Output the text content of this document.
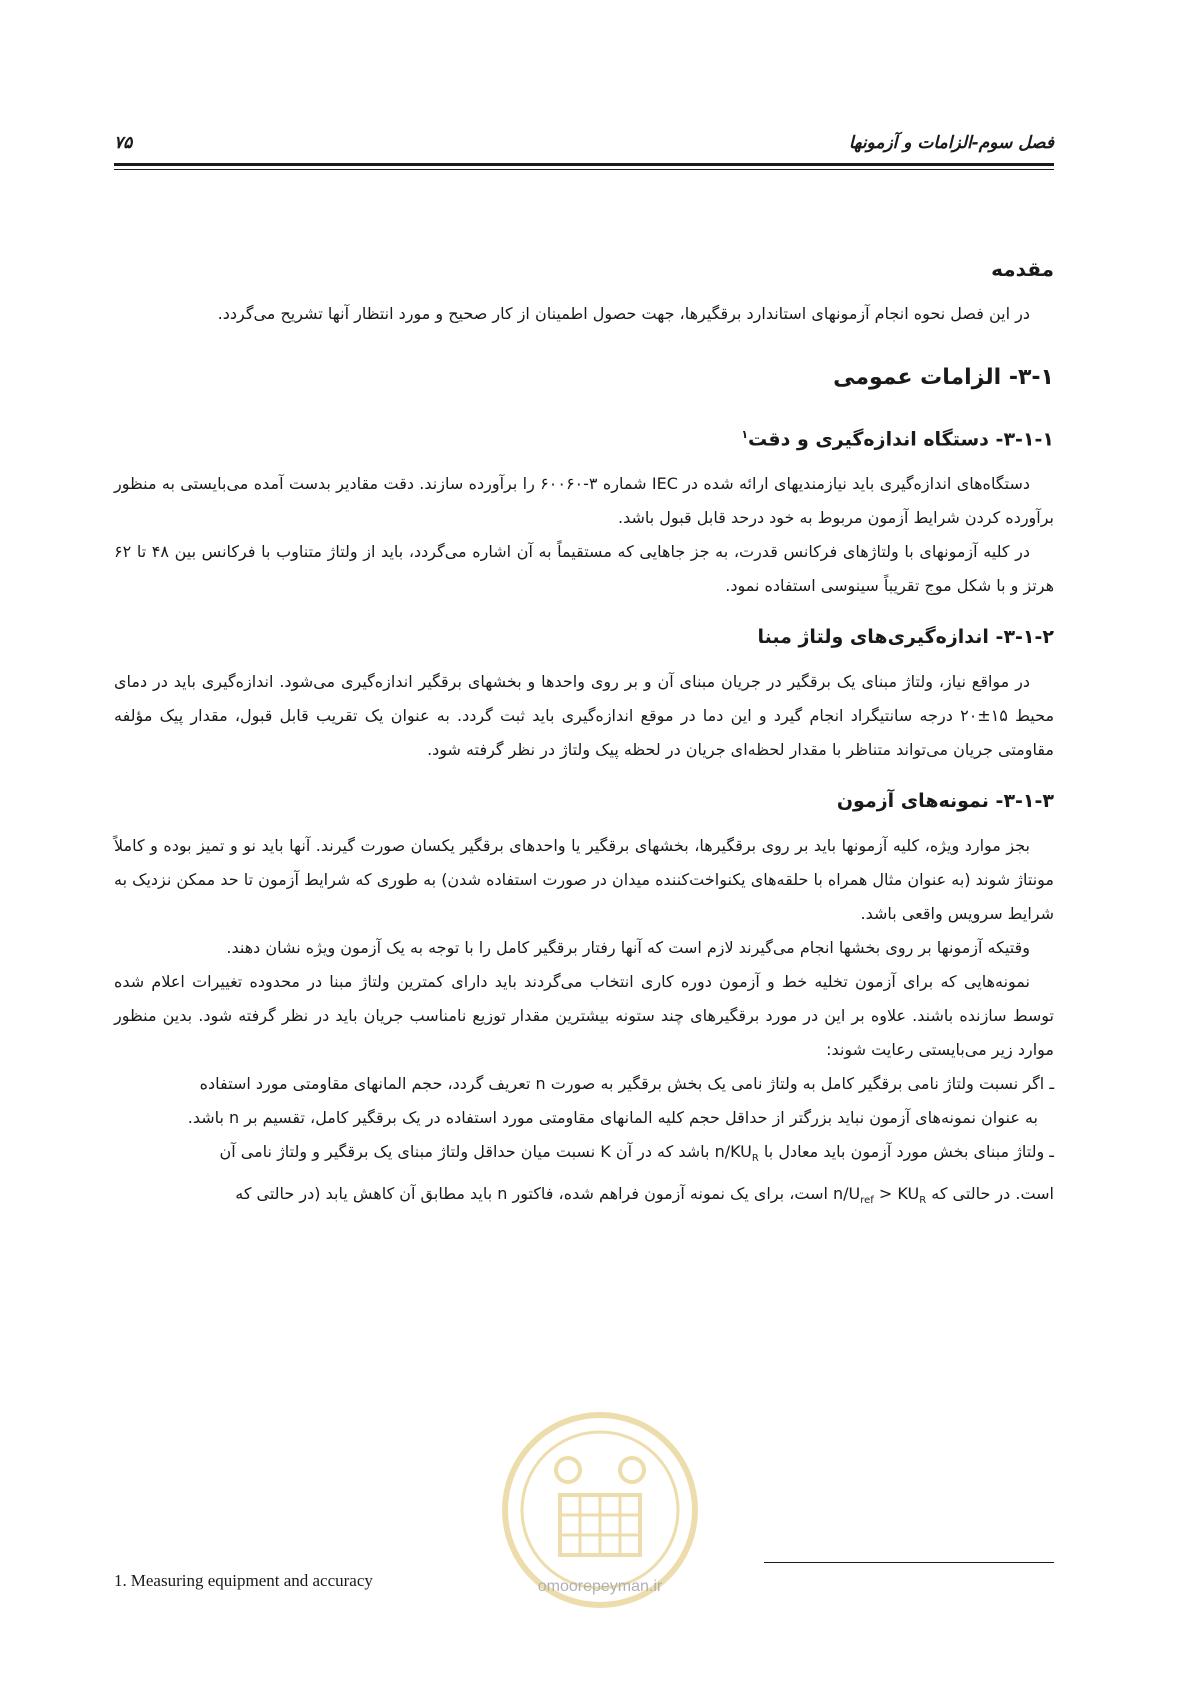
فصل سوم-الزامات و آزمونها
۷۵
مقدمه

در این فصل نحوه انجام آزمونهای استاندارد برقگیرها، جهت حصول اطمینان از کار صحیح و مورد انتظار آنها تشریح می‌گردد.

۳-۱- الزامات عمومی
۳-۱-۱- دستگاه اندازه‌گیری و دقت$^۱$

دستگاه‌های اندازه‌گیری باید نیازمندیهای ارائه شده در IEC شماره ۳-۶۰۰۶۰ را برآورده سازند. دقت مقادیر بدست آمده می‌بایستی به منظور برآورده کردن شرایط آزمون مربوط به خود درحد قابل قبول باشد.

در کلیه آزمونهای با ولتاژهای فرکانس قدرت، به جز جاهایی که مستقیماً به آن اشاره می‌گردد، باید از ولتاژ متناوب با فرکانس بین ۴۸ تا ۶۲ هرتز و با شکل موج تقریباً سینوسی استفاده نمود.

۳-۱-۲- اندازه‌گیری‌های ولتاژ مبنا

در مواقع نیاز، ولتاژ مبنای یک برقگیر در جریان مبنای آن و بر روی واحدها و بخشهای برقگیر اندازه‌گیری می‌شود. اندازه‌گیری باید در دمای محیط ۱۵±۲۰ درجه سانتیگراد انجام گیرد و این دما در موقع اندازه‌گیری باید ثبت گردد. به عنوان یک تقریب قابل قبول، مقدار پیک مؤلفه مقاومتی جریان می‌تواند متناظر با مقدار لحظه‌ای جریان در لحظه پیک ولتاژ در نظر گرفته شود.

۳-۱-۳- نمونه‌های آزمون

بجز موارد ویژه، کلیه آزمونها باید بر روی برقگیرها، بخشهای برقگیر یا واحدهای برقگیر یکسان صورت گیرند. آنها باید نو و تمیز بوده و کاملاً مونتاژ شوند (به عنوان مثال همراه با حلقه‌های یکنواخت‌کننده میدان در صورت استفاده شدن) به طوری که شرایط آزمون تا حد ممکن نزدیک به شرایط سرویس واقعی باشد.

وقتیکه آزمونها بر روی بخشها انجام می‌گیرند لازم است که آنها رفتار برقگیر کامل را با توجه به یک آزمون ویژه نشان دهند.

نمونه‌هایی که برای آزمون تخلیه خط و آزمون دوره کاری انتخاب می‌گردند باید دارای کمترین ولتاژ مبنا در محدوده تغییرات اعلام شده توسط سازنده باشند. علاوه بر این در مورد برقگیرهای چند ستونه بیشترین مقدار توزیع نامناسب جریان باید در نظر گرفته شود. بدین منظور موارد زیر می‌بایستی رعایت شوند:

ـ اگر نسبت ولتاژ نامی برقگیر کامل به ولتاژ نامی یک بخش برقگیر به صورت n تعریف گردد، حجم المانهای مقاومتی مورد استفاده

به عنوان نمونه‌های آزمون نباید بزرگتر از حداقل حجم کلیه المانهای مقاومتی مورد استفاده در یک برقگیر کامل، تقسیم بر n باشد.

ـ ولتاژ مبنای بخش مورد آزمون باید معادل با $KU_R/n$ باشد که در آن K نسبت میان حداقل ولتاژ مبنای یک برقگیر و ولتاژ نامی آن

است. در حالتی که $U_{ref} > KU_R/n$ است، برای یک نمونه آزمون فراهم شده، فاکتور n باید مطابق آن کاهش یابد (در حالتی که

omoorepeyman.ir
1. Measuring equipment and accuracy
